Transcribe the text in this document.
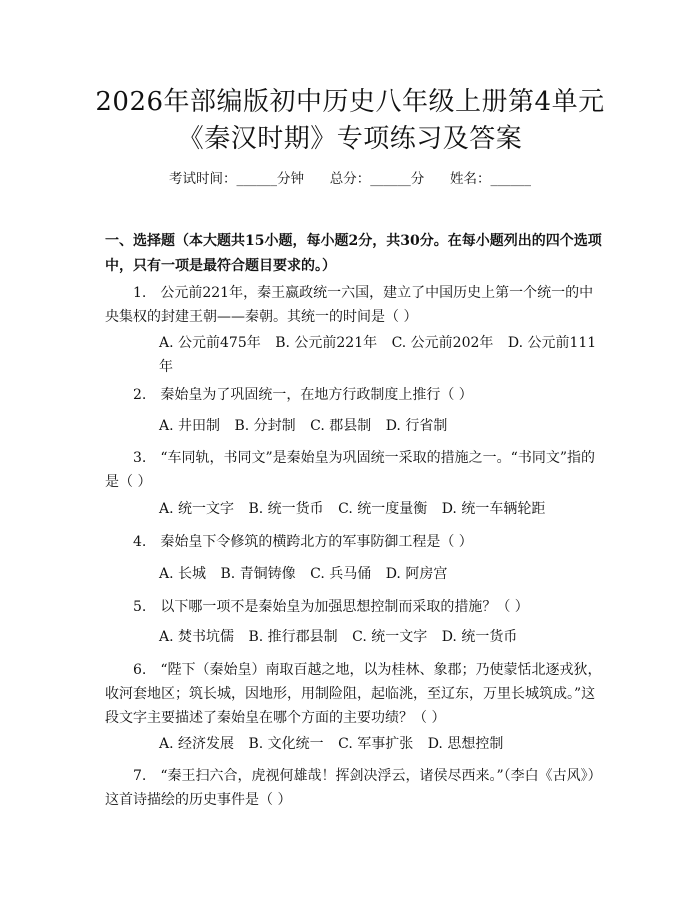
2026年部编版初中历史八年级上册第4单元
《秦汉时期》专项练习及答案
考试时间：______分钟 总分：______分 姓名：______
一、选择题（本大题共15小题，每小题2分，共30分。在每小题列出的四个选项中，只有一项是最符合题目要求的。）
1. 公元前221年，秦王嬴政统一六国，建立了中国历史上第一个统一的中央集权的封建王朝——秦朝。其统一的时间是（ ）
A. 公元前475年 B. 公元前221年 C. 公元前202年 D. 公元前111年
2. 秦始皇为了巩固统一，在地方行政制度上推行（ ）
A. 井田制 B. 分封制 C. 郡县制 D. 行省制
3. “车同轨，书同文”是秦始皇为巩固统一采取的措施之一。“书同文”指的是（ ）
A. 统一文字 B. 统一货币 C. 统一度量衡 D. 统一车辆轮距
4. 秦始皇下令修筑的横跨北方的军事防御工程是（ ）
A. 长城 B. 青铜铸像 C. 兵马俑 D. 阿房宫
5. 以下哪一项不是秦始皇为加强思想控制而采取的措施？（ ）
A. 焚书坑儒 B. 推行郡县制 C. 统一文字 D. 统一货币
6. “陛下（秦始皇）南取百越之地，以为桂林、象郡；乃使蒙恬北逐戎狄，收河套地区；筑长城，因地形，用制险阻，起临洮，至辽东，万里长城筑成。”这段文字主要描述了秦始皇在哪个方面的主要功绩？（ ）
A. 经济发展 B. 文化统一 C. 军事扩张 D. 思想控制
7. “秦王扫六合，虎视何雄哉！挥剑决浮云，诸侯尽西来。”（李白《古风》）这首诗描绘的历史事件是（ ）
